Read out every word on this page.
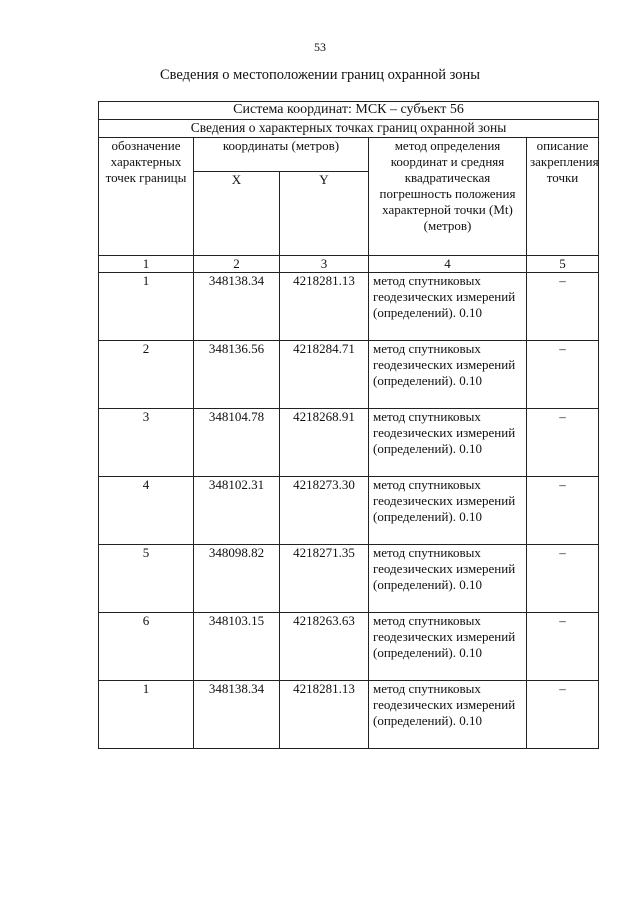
53
Сведения о местоположении границ охранной зоны
Система координат: МСК – субъект 56				
Сведения о характерных точках границ охранной зоны				
обозначение характерных точек границы	координаты (метров)		метод определения координат и средняя квадратическая погрешность положения характерной точки (Mt) (метров)	описание закрепления точки
	X	Y		
1	2	3	4	5
1	348138.34	4218281.13	метод спутниковых геодезических измерений (определений). 0.10	–
2	348136.56	4218284.71	метод спутниковых геодезических измерений (определений). 0.10	–
3	348104.78	4218268.91	метод спутниковых геодезических измерений (определений). 0.10	–
4	348102.31	4218273.30	метод спутниковых геодезических измерений (определений). 0.10	–
5	348098.82	4218271.35	метод спутниковых геодезических измерений (определений). 0.10	–
6	348103.15	4218263.63	метод спутниковых геодезических измерений (определений). 0.10	–
1	348138.34	4218281.13	метод спутниковых геодезических измерений (определений). 0.10	–
